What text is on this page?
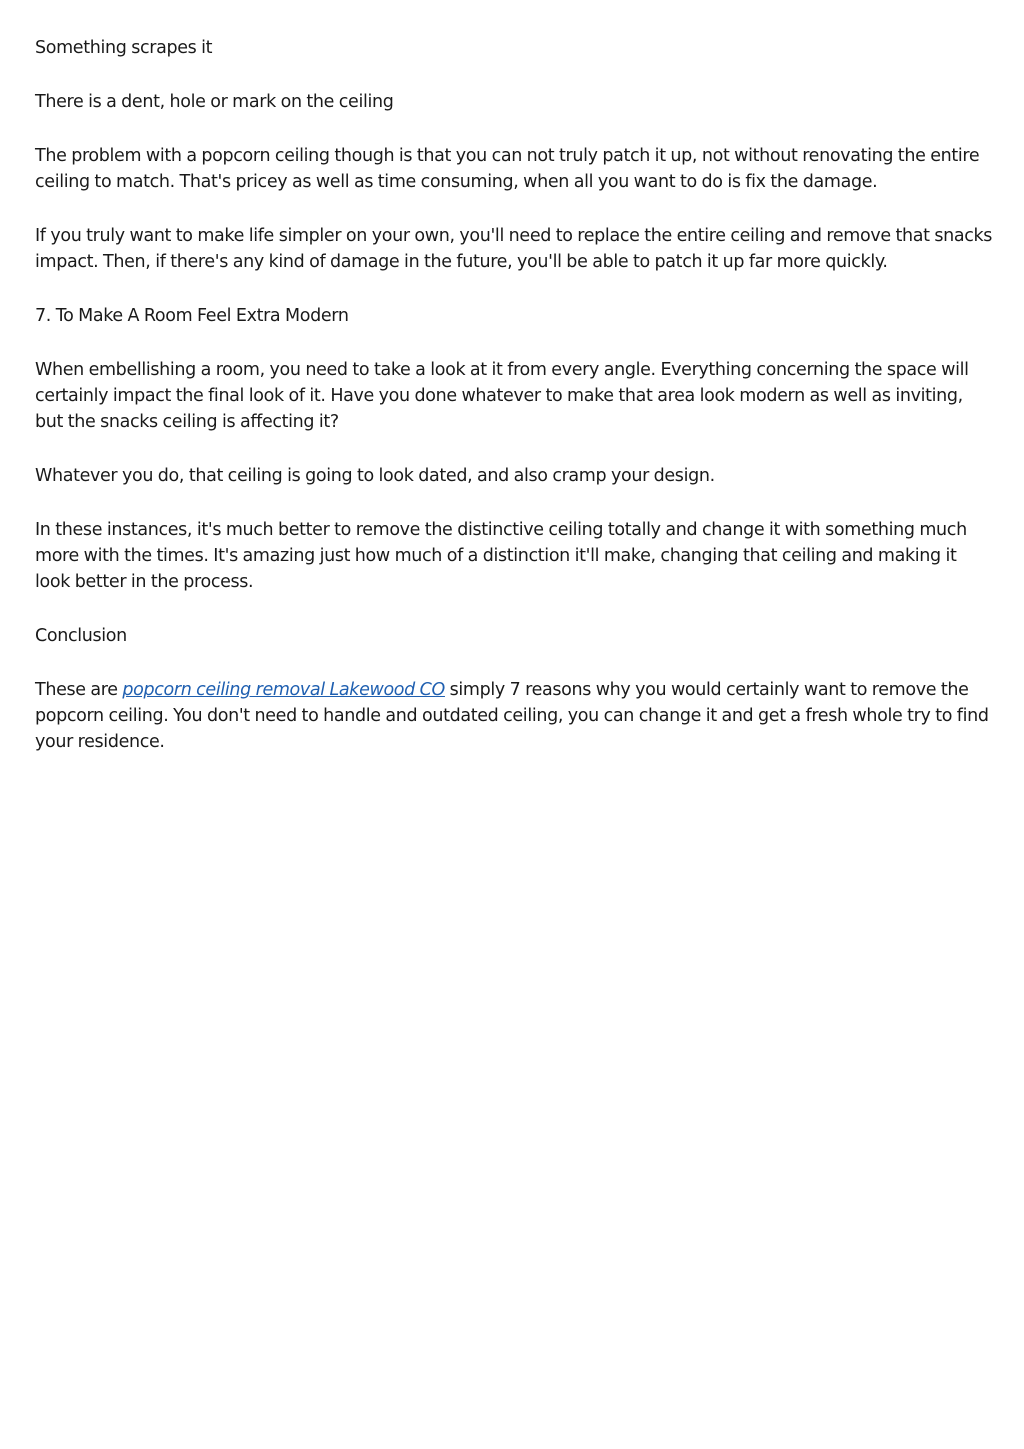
Something scrapes it

There is a dent, hole or mark on the ceiling

The problem with a popcorn ceiling though is that you can not truly patch it up, not without renovating the entire ceiling to match. That's pricey as well as time consuming, when all you want to do is fix the damage.

If you truly want to make life simpler on your own, you'll need to replace the entire ceiling and remove that snacks impact. Then, if there's any kind of damage in the future, you'll be able to patch it up far more quickly.

7. To Make A Room Feel Extra Modern

When embellishing a room, you need to take a look at it from every angle. Everything concerning the space will certainly impact the final look of it. Have you done whatever to make that area look modern as well as inviting, but the snacks ceiling is affecting it?

Whatever you do, that ceiling is going to look dated, and also cramp your design.

In these instances, it's much better to remove the distinctive ceiling totally and change it with something much more with the times. It's amazing just how much of a distinction it'll make, changing that ceiling and making it look better in the process.

Conclusion

These are popcorn ceiling removal Lakewood CO simply 7 reasons why you would certainly want to remove the popcorn ceiling. You don't need to handle and outdated ceiling, you can change it and get a fresh whole try to find your residence.
